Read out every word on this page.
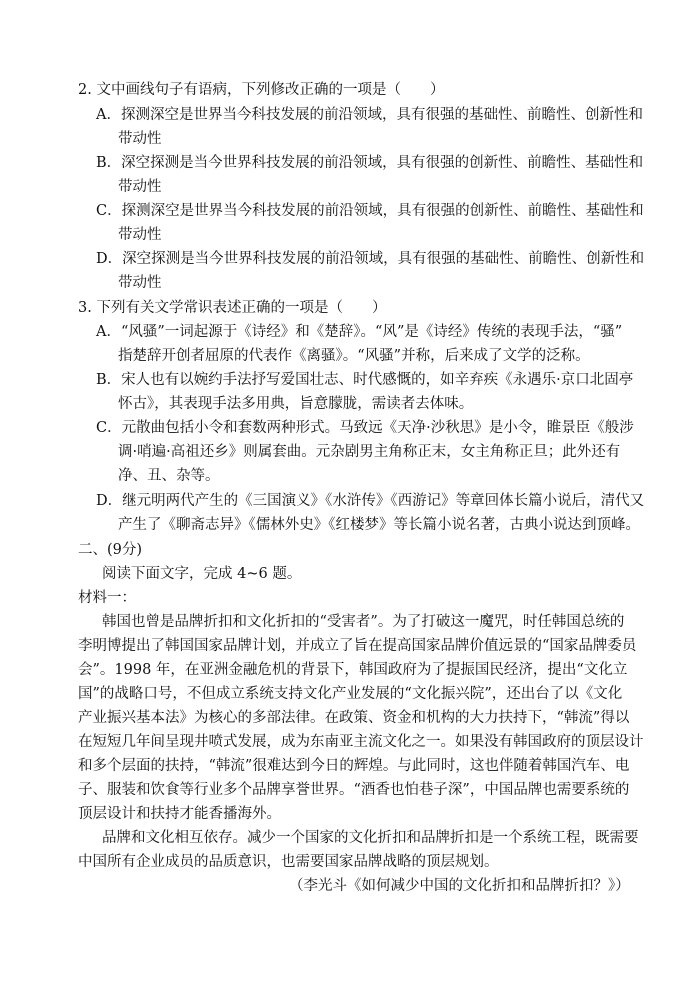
2. 文中画线句子有语病，下列修改正确的一项是（　　）
A．探测深空是世界当今科技发展的前沿领域，具有很强的基础性、前瞻性、创新性和
带动性
B．深空探测是当今世界科技发展的前沿领域，具有很强的创新性、前瞻性、基础性和
带动性
C．探测深空是世界当今科技发展的前沿领域，具有很强的创新性、前瞻性、基础性和
带动性
D．深空探测是当今世界科技发展的前沿领域，具有很强的基础性、前瞻性、创新性和
带动性
3. 下列有关文学常识表述正确的一项是（　　）
A．“风骚”一词起源于《诗经》和《楚辞》。“风”是《诗经》传统的表现手法，“骚”
指楚辞开创者屈原的代表作《离骚》。“风骚”并称，后来成了文学的泛称。
B．宋人也有以婉约手法抒写爱国壮志、时代感慨的，如辛弃疾《永遇乐·京口北固亭
怀古》，其表现手法多用典，旨意朦胧，需读者去体味。
C．元散曲包括小令和套数两种形式。马致远《天净·沙秋思》是小令，睢景臣《般涉
调·哨遍·高祖还乡》则属套曲。元杂剧男主角称正末，女主角称正旦；此外还有
净、丑、杂等。
D．继元明两代产生的《三国演义》《水浒传》《西游记》等章回体长篇小说后，清代又
产生了《聊斋志异》《儒林外史》《红楼梦》等长篇小说名著，古典小说达到顶峰。
二、(9分)
阅读下面文字，完成 4~6 题。
材料一：
韩国也曾是品牌折扣和文化折扣的“受害者”。为了打破这一魔咒，时任韩国总统的
李明博提出了韩国国家品牌计划，并成立了旨在提高国家品牌价值远景的“国家品牌委员
会”。1998 年，在亚洲金融危机的背景下，韩国政府为了提振国民经济，提出“文化立
国”的战略口号，不但成立系统支持文化产业发展的“文化振兴院”，还出台了以《文化
产业振兴基本法》为核心的多部法律。在政策、资金和机构的大力扶持下，“韩流”得以
在短短几年间呈现井喷式发展，成为东南亚主流文化之一。如果没有韩国政府的顶层设计
和多个层面的扶持，“韩流”很难达到今日的辉煌。与此同时，这也伴随着韩国汽车、电
子、服装和饮食等行业多个品牌享誉世界。“酒香也怕巷子深”，中国品牌也需要系统的
顶层设计和扶持才能香播海外。
品牌和文化相互依存。减少一个国家的文化折扣和品牌折扣是一个系统工程，既需要
中国所有企业成员的品质意识，也需要国家品牌战略的顶层规划。
（李光斗《如何减少中国的文化折扣和品牌折扣？》）
